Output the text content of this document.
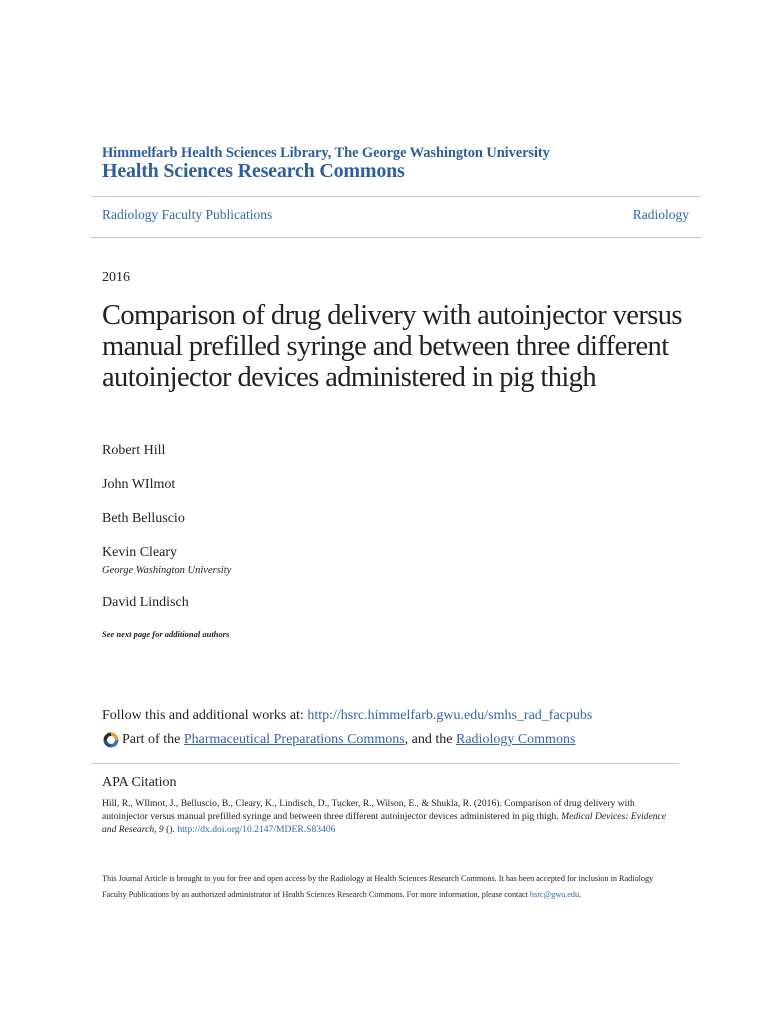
Himmelfarb Health Sciences Library, The George Washington University
Health Sciences Research Commons
Radiology Faculty Publications	Radiology
2016
Comparison of drug delivery with autoinjector versus manual prefilled syringe and between three different autoinjector devices administered in pig thigh
Robert Hill
John WIlmot
Beth Belluscio
Kevin Cleary
George Washington University
David Lindisch
See next page for additional authors
Follow this and additional works at: http://hsrc.himmelfarb.gwu.edu/smhs_rad_facpubs
Part of the
Pharmaceutical Preparations Commons , and the Radiology Commons
APA Citation
Hill, R., WIlmot, J., Belluscio, B., Cleary, K., Lindisch, D., Tucker, R., Wilson, E., & Shukla, R. (2016). Comparison of drug delivery with autoinjector versus manual prefilled syringe and between three different autoinjector devices administered in pig thigh. Medical Devices: Evidence and Research, 9 (). http://dx.doi.org/10.2147/MDER.S83406
This Journal Article is brought to you for free and open access by the Radiology at Health Sciences Research Commons. It has been accepted for inclusion in Radiology Faculty Publications by an authorized administrator of Health Sciences Research Commons. For more information, please contact hsrc@gwu.edu.
